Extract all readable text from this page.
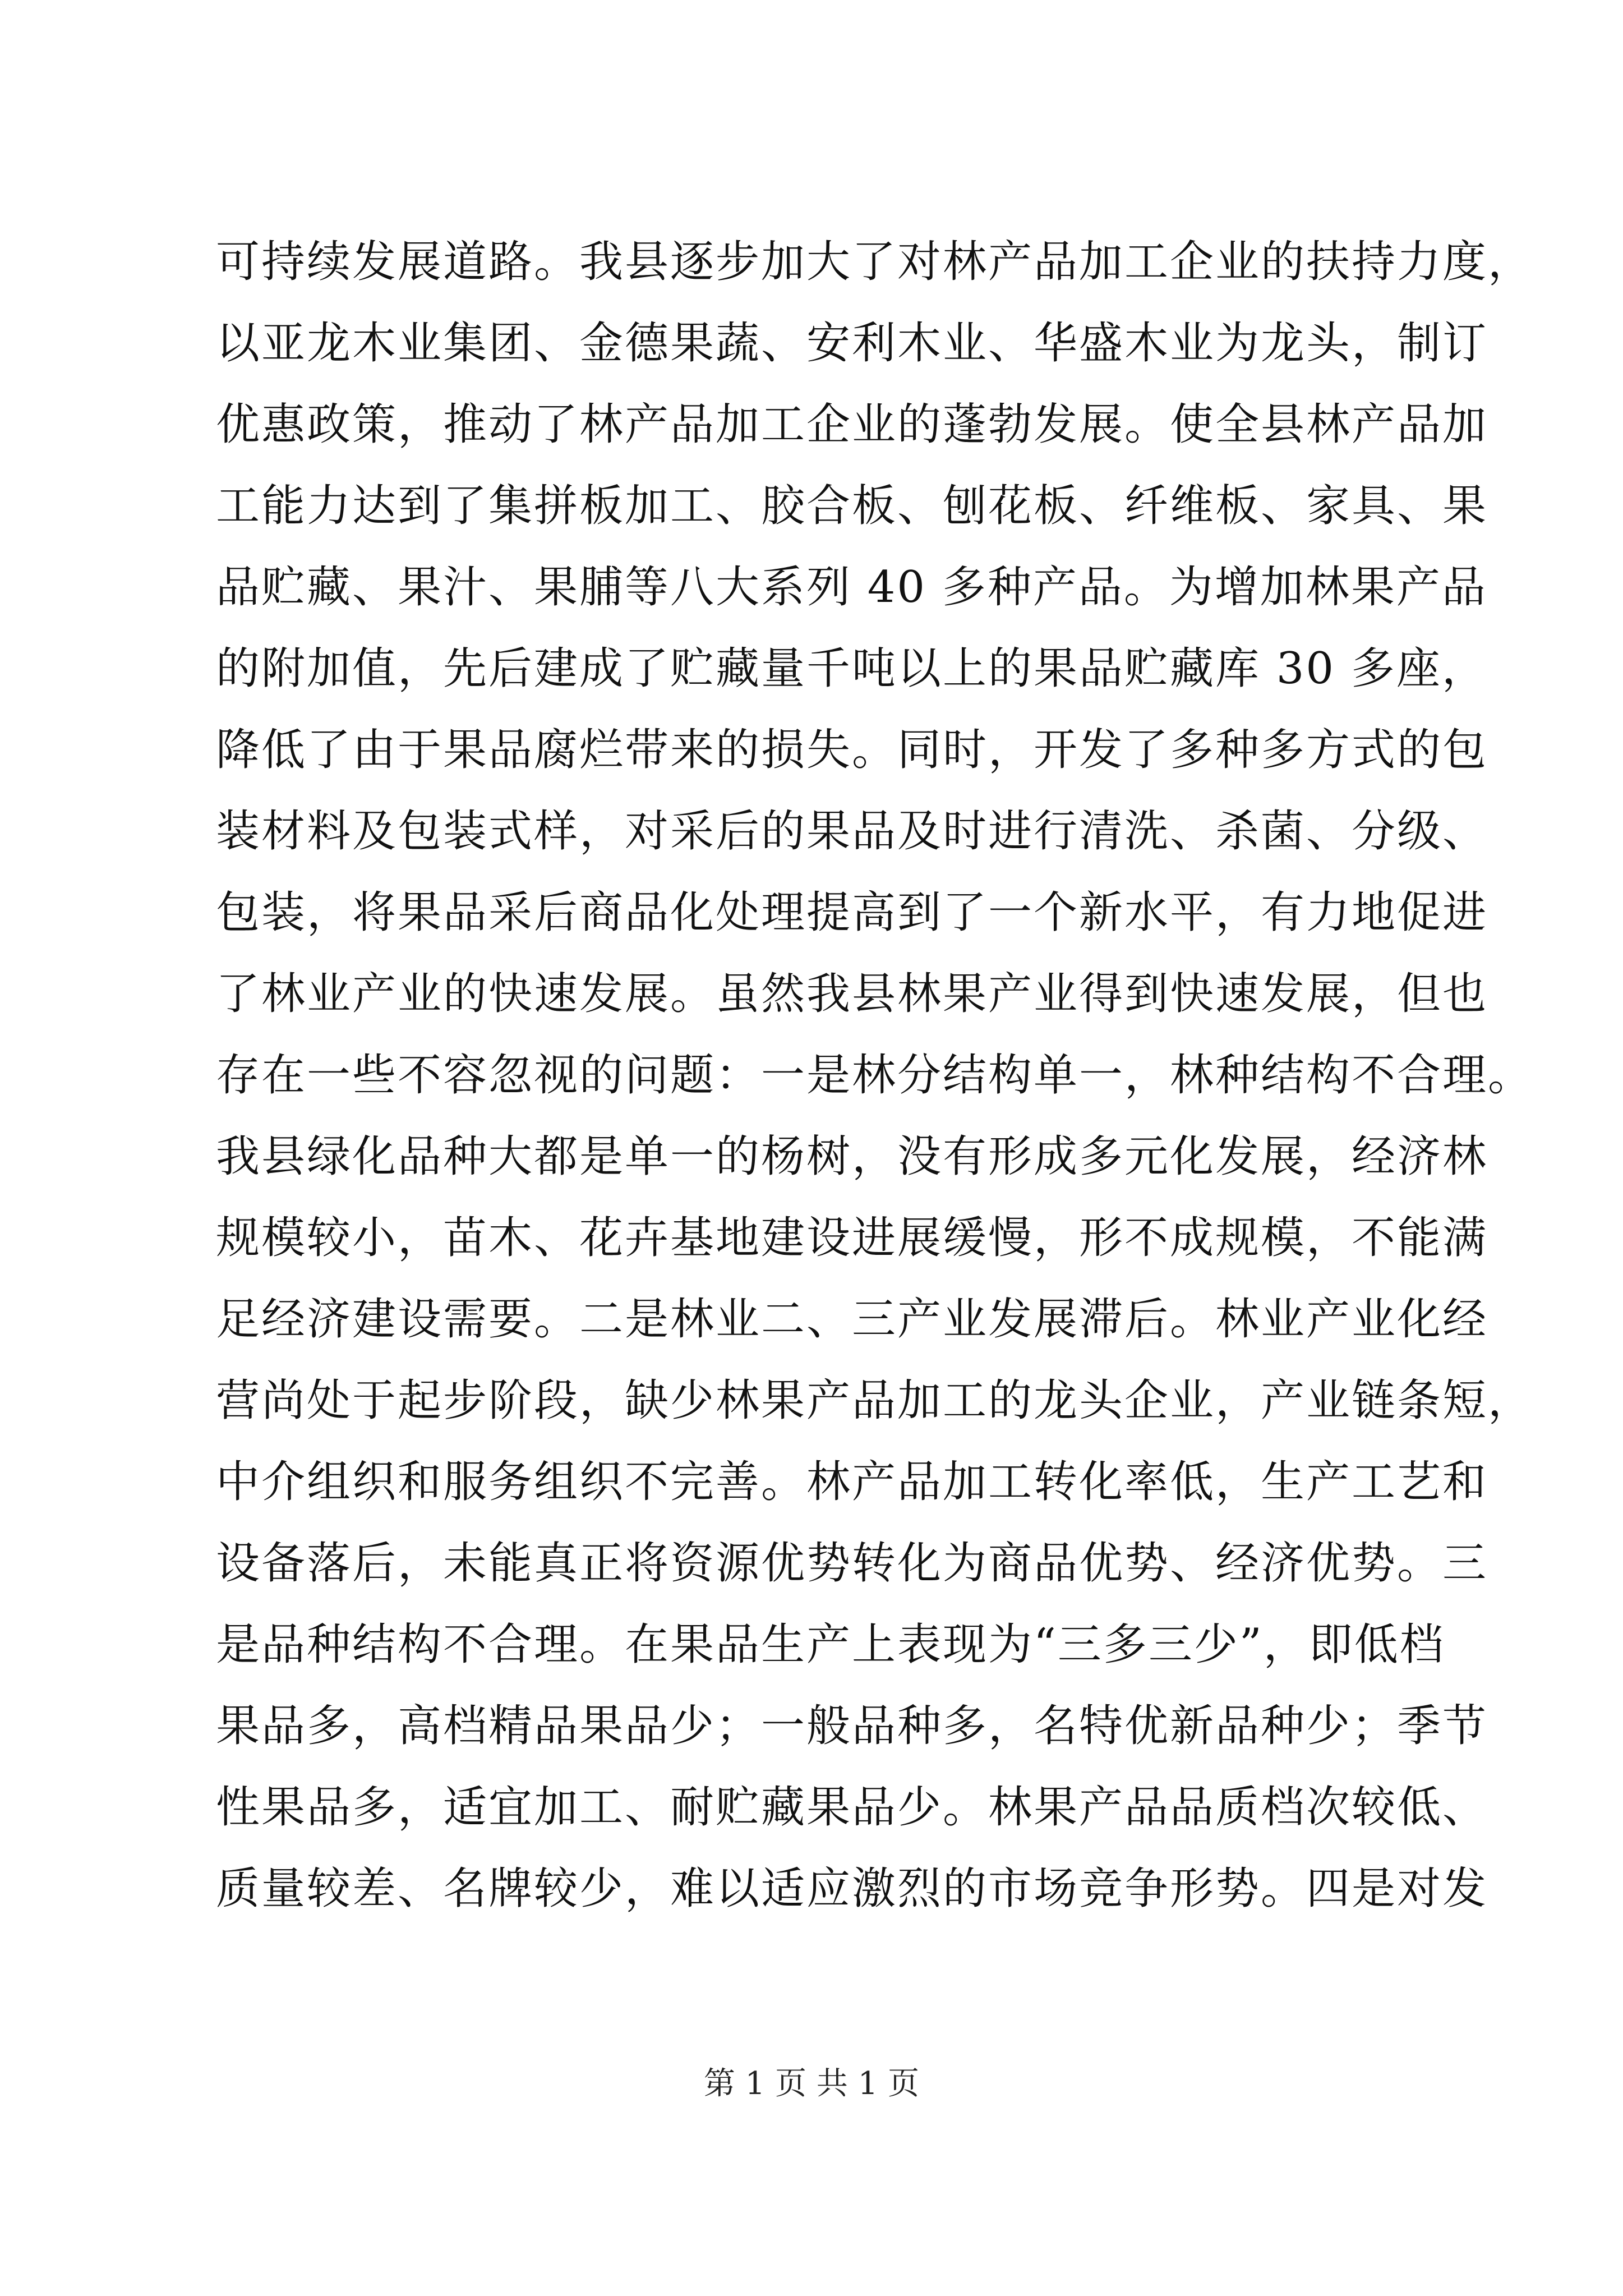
可持续发展道路。我县逐步加大了对林产品加工企业的扶持力度，
以亚龙木业集团、金德果蔬、安利木业、华盛木业为龙头，制订
优惠政策，推动了林产品加工企业的蓬勃发展。使全县林产品加
工能力达到了集拼板加工、胶合板、刨花板、纤维板、家具、果
品贮藏、果汁、果脯等八大系列 40 多种产品。为增加林果产品
的附加值，先后建成了贮藏量千吨以上的果品贮藏库 30 多座，
降低了由于果品腐烂带来的损失。同时，开发了多种多方式的包
装材料及包装式样，对采后的果品及时进行清洗、杀菌、分级、
包装，将果品采后商品化处理提高到了一个新水平，有力地促进
了林业产业的快速发展。虽然我县林果产业得到快速发展，但也
存在一些不容忽视的问题：一是林分结构单一，林种结构不合理。
我县绿化品种大都是单一的杨树，没有形成多元化发展，经济林
规模较小，苗木、花卉基地建设进展缓慢，形不成规模，不能满
足经济建设需要。二是林业二、三产业发展滞后。林业产业化经
营尚处于起步阶段，缺少林果产品加工的龙头企业，产业链条短，
中介组织和服务组织不完善。林产品加工转化率低，生产工艺和
设备落后，未能真正将资源优势转化为商品优势、经济优势。三
是品种结构不合理。在果品生产上表现为“三多三少”，即低档
果品多，高档精品果品少；一般品种多，名特优新品种少；季节
性果品多，适宜加工、耐贮藏果品少。林果产品品质档次较低、
质量较差、名牌较少，难以适应激烈的市场竞争形势。四是对发
第 1 页 共 1 页
